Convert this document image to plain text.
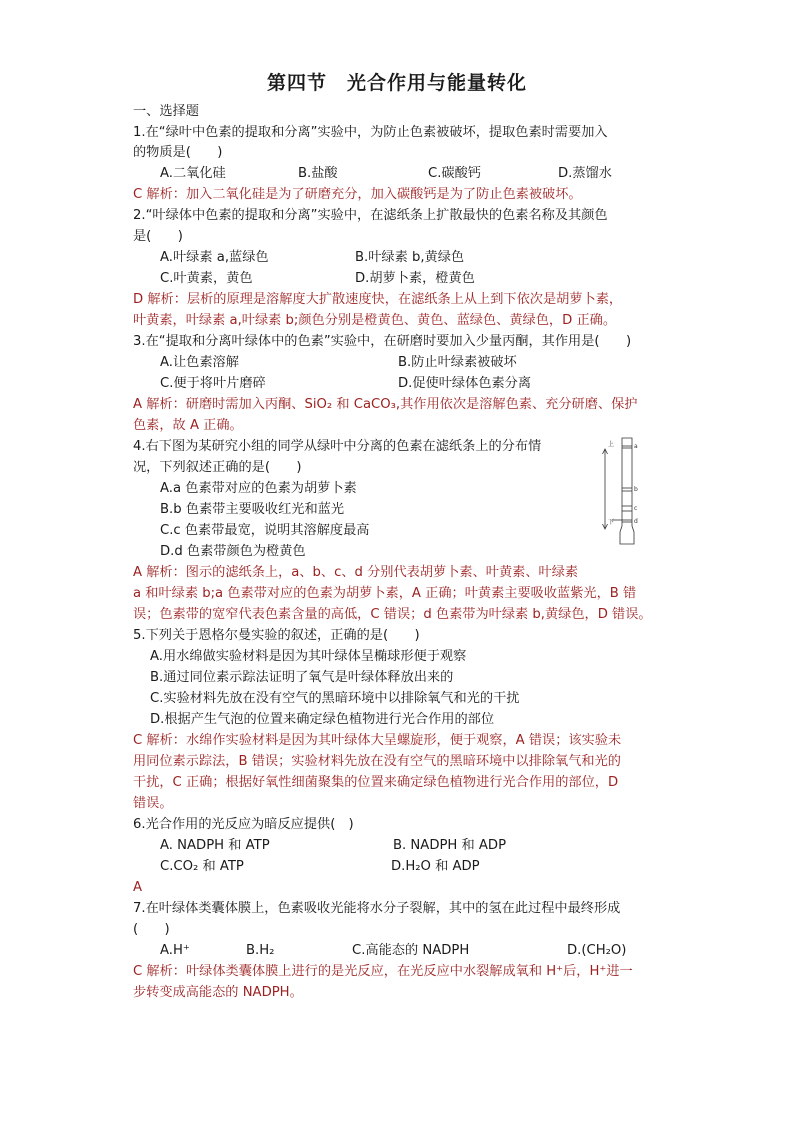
第四节　光合作用与能量转化
一、选择题
1.在“绿叶中色素的提取和分离”实验中，为防止色素被破坏，提取色素时需要加入
的物质是(　　)
A.二氧化硅	B.盐酸	C.碳酸钙	D.蒸馏水
C 解析：加入二氧化硅是为了研磨充分，加入碳酸钙是为了防止色素被破坏。
2.“叶绿体中色素的提取和分离”实验中，在滤纸条上扩散最快的色素名称及其颜色
是(　　)
A.叶绿素 a,蓝绿色	B.叶绿素 b,黄绿色
C.叶黄素，黄色	D.胡萝卜素，橙黄色
D 解析：层析的原理是溶解度大扩散速度快，在滤纸条上从上到下依次是胡萝卜素，
叶黄素，叶绿素 a,叶绿素 b;颜色分别是橙黄色、黄色、蓝绿色、黄绿色，D 正确。
3.在“提取和分离叶绿体中的色素”实验中，在研磨时要加入少量丙酮，其作用是(　　)
A.让色素溶解	B.防止叶绿素被破坏
C.便于将叶片磨碎	D.促使叶绿体色素分离
A 解析：研磨时需加入丙酮、SiO₂ 和 CaCO₃,其作用依次是溶解色素、充分研磨、保护
色素，故 A 正确。
4.右下图为某研究小组的同学从绿叶中分离的色素在滤纸条上的分布情
况，下列叙述正确的是(　　)
A.a 色素带对应的色素为胡萝卜素
B.b 色素带主要吸收红光和蓝光
C.c 色素带最宽，说明其溶解度最高
D.d 色素带颜色为橙黄色
A 解析：图示的滤纸条上，a、b、c、d 分别代表胡萝卜素、叶黄素、叶绿素
a 和叶绿素 b;a 色素带对应的色素为胡萝卜素，A 正确；叶黄素主要吸收蓝紫光，B 错
误；色素带的宽窄代表色素含量的高低，C 错误；d 色素带为叶绿素 b,黄绿色，D 错误。
上
下
a
b
c
d
5.下列关于恩格尔曼实验的叙述，正确的是(　　)
A.用水绵做实验材料是因为其叶绿体呈椭球形便于观察
B.通过同位素示踪法证明了氧气是叶绿体释放出来的
C.实验材料先放在没有空气的黑暗环境中以排除氧气和光的干扰
D.根据产生气泡的位置来确定绿色植物进行光合作用的部位
C 解析：水绵作实验材料是因为其叶绿体大呈螺旋形，便于观察，A 错误；该实验未
用同位素示踪法，B 错误；实验材料先放在没有空气的黑暗环境中以排除氧气和光的
干扰，C 正确；根据好氧性细菌聚集的位置来确定绿色植物进行光合作用的部位，D
错误。
6.光合作用的光反应为暗反应提供(　)
A. NADPH 和 ATP	B. NADPH 和 ADP
C.CO₂ 和 ATP	D.H₂O 和 ADP
A
7.在叶绿体类囊体膜上，色素吸收光能将水分子裂解，其中的氢在此过程中最终形成
(　　)
A.H⁺	B.H₂	C.高能态的 NADPH	D.(CH₂O)
C 解析：叶绿体类囊体膜上进行的是光反应，在光反应中水裂解成氧和 H⁺后，H⁺进一
步转变成高能态的 NADPH。
